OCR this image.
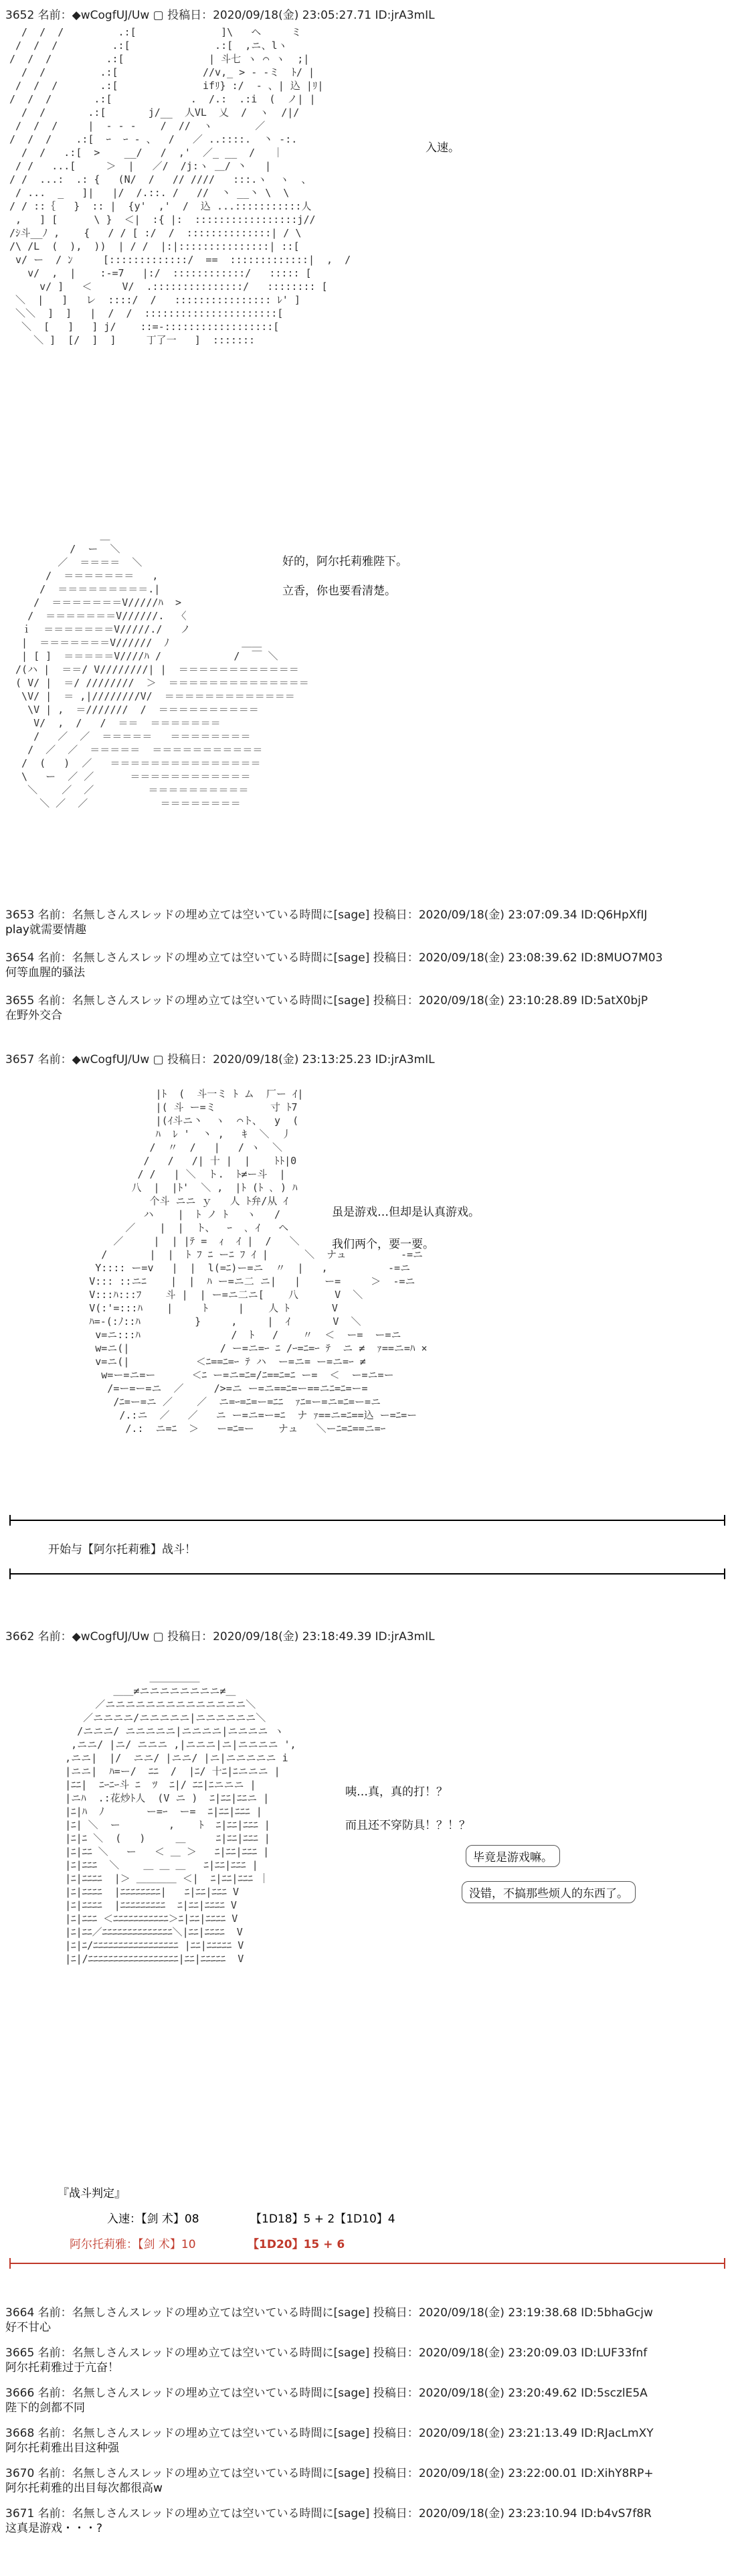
3652 名前：◆wCogfUJ/Uw ▢ 投稿日：2020/09/18(金) 23:05:27.71 ID:jrA3mIL
/  /  /         .:[              ]\   ヘ     ミ
/  /  /         .:[              .:[  ,ニ、lヽ
/  /  /         .:[              | 斗七 ヽ ⌒ ヽ  ;|
/  /         .:[              //v,_ > - -ミ  ﾄ/ |
/  /  /       .:[              ifﾘ} :/  - 、| 込 |ﾘ|
/  /  /       .:[             .  /.:  .:i  (  ノ| |
/  /       .:[       j/__  人VL  乂  /  ヽ  /|/
/  /  /     |  - - -    /  //  ヽ       ／
/  /  /    .:[  ｰ  ｰ - 、  /   ／ ..::::.  丶 -:.
/  /   .:[  >    __/   /  ,'  ／_ __  /   ｜
/ /   ...[     ＞  |   ／/  /j:ヽ ＿/ 丶   |
/ /  ...:  .: {   (N/  /   // ////   :::.ヽ  ヽ  、
/ ...  _   ]|   |/  /.::. /   //  丶 __丶 \  \
/ / ::｛   }  :: |  {y'  ,'  /  込 ...:::::::::::人
,   ] [      \ }  ＜|  :{ |:  :::::::::::::::::j//
/ｼ斗__ﾉ ,    {   / / [ :/  /  ::::::::::::::| / \
/\ /L  (  ),  ))  | / /  |:|:::::::::::::::| ::[
v/ ー  / ﾝ     [:::::::::::::/  ==  :::::::::::::|  ,  /
v/  ,  |    :-=7   |:/  ::::::::::::/   ::::: [
v/ ]   ＜     V/  .:::::::::::::::/   :::::::: [
＼  |   ]   レ  ::::/  /   :::::::::::::::: ﾚ' ]
＼＼  ]  ]   |  /  /  ::::::::::::::::::::::[
＼  [   ]   ] j/    ::=-::::::::::::::::::[
＼ ]  [/  ]  ]     丁了一   ]  :::::::

入速。
＿
/  ー  ＼
／  ＝＝＝＝  ＼
/  ＝＝＝＝＝＝＝   ,
/  ＝＝＝＝＝＝＝＝＝.|
/  ＝＝＝＝＝＝＝V/////ﾊ  >
/  ＝＝＝＝＝＝＝V//////.  〈
ｉ  ＝＝＝＝＝＝＝V/////./   ノ
|  ＝＝＝＝＝＝＝V//////  ﾉ            ＿＿
| [ ]  ＝＝＝＝＝V////ﾊ /            /  ￣ ＼
/(ハ |  ＝＝/ V////////| |  ＝＝＝＝＝＝＝＝＝＝＝＝
( V/ |  ＝/ ////////  ＞  ＝＝＝＝＝＝＝＝＝＝＝＝＝＝
\V/ |  ＝ ,|////////V/  ＝＝＝＝＝＝＝＝＝＝＝＝＝
\V | ,  ＝///////  /  ＝＝＝＝＝＝＝＝＝＝
V/  ,  /   /  ＝＝  ＝＝＝＝＝＝＝
/   ／  ／  ＝＝＝＝＝   ＝＝＝＝＝＝＝＝
/  ／  ／  ＝＝＝＝＝  ＝＝＝＝＝＝＝＝＝＝＝
/  (   )  ／   ＝＝＝＝＝＝＝＝＝＝＝＝＝＝＝
\   ー  ／ ／      ＝＝＝＝＝＝＝＝＝＝＝＝
＼    ／  ／         ＝＝＝＝＝＝＝＝＝＝
＼ ／  ／            ＝＝＝＝＝＝＝＝

好的，阿尔托莉雅陛下。
立香，你也要看清楚。
3653 名前：名無しさんスレッドの埋め立ては空いている時間に[sage] 投稿日：2020/09/18(金) 23:07:09.34 ID:Q6HpXfIJ
play就需要情趣
3654 名前：名無しさんスレッドの埋め立ては空いている時間に[sage] 投稿日：2020/09/18(金) 23:08:39.62 ID:8MUO7M03
何等血腥的骚法
3655 名前：名無しさんスレッドの埋め立ては空いている時間に[sage] 投稿日：2020/09/18(金) 23:10:28.89 ID:5atX0bjP
在野外交合
3657 名前：◆wCogfUJ/Uw ▢ 投稿日：2020/09/18(金) 23:13:25.23 ID:jrA3mIL
|ﾄ  (  斗一ミ ﾄ ム  厂ー ｲ|
|( 斗 ー=ミ         寸 ﾄ7
|(ｲ斗ニ丶  ヽ  ⌒ト、  y  (
ﾊ  ﾚ '  丶 ,   ｷ  ＼  丿
/  〃  /   |   / ヽ  ＼
/   /   /| 十 |  |    ﾄﾄ|0
/ /   | ＼  ト.  ﾄ≠ー斗  |
八  |  |ﾄ'  ＼ ,  |ﾄ (ﾄ ､ ) ﾊ
个斗 ニニ ｙ   人 ﾄ弁/从 ｲ
ハ    |  ﾄ ノ ﾄ   ヽ   /
／    |  |  ト、  ｰ  ､ ｲ   ヘ
／     |  | |ﾃ =  ｨ  ｲ |  /   ＼
/       |  |  ﾄ ﾌ ﾆ ーﾆ ﾌ ｲ |      ＼  ナュ         -=ニ
Y:::: ー=v   |  |  l(=ﾆ)ー=ニ  〃  |   ,          -=ニ
V::: ::ニﾆ    |  |  ﾊ ー=ニ二 ニ|   |    ー=     ＞  -=ニ
V:::ﾊ:::ﾌ    斗 |  | ー=ニ二ニ[    八      V  ＼
V(:'=:::ﾊ    |     ﾄ     |    人 ﾄ       V
ﾊ=-(:ﾉ::ﾊ         }     ,     |  ｲ       V  ＼
v=ニ:::ﾊ               /  ﾄ   /    〃  ＜  ー=  ー=ニ
w=ニ(|               / ー=ニ=ｰ ﾆ /ｰ=ﾆ=ｰ ﾃ  ニ ≠  ｧ==ニ=ﾊ ×
v=ニ(|           ＜ﾆ==ﾆ=ｰ ﾃ ハ  ー=ニ= ー=ニ=ｰ ≠
w=ー=ニ=ー      ＜ﾆ ー=ニ=ﾆ=/ﾆ==ﾆ=ﾆ ー=  ＜  ー=ニ=ー
/=ー=ー=ニ  ／     />=ニ ー=ニ==ﾆ=ー==ニﾆ=ﾆ=ー=
/ﾆ=ー=ニ ／    ／  ニ=ｰ=ﾆ=ー=ﾆﾆ  ｧﾆ=ー=ニ=ﾆ=ー=ニ
/.:ニ  ／   ／   ニ ー=ニ=ー=ﾆ  ナ ｧ==ニ=ﾆ==込 ー=ﾆ=ー
/.:  ニ=ﾆ  ＞   ー=ﾆ=ー    ナュ   ＼ーﾆ=ﾆ==ニ=ｰ

虽是游戏…但却是认真游戏。
我们两个，要一要。
开始与【阿尔托莉雅】战斗！
3662 名前：◆wCogfUJ/Uw ▢ 投稿日：2020/09/18(金) 23:18:49.39 ID:jrA3mIL
＿＿＿＿＿
＿＿≠ニニニニニニニニ≠＿
／ニニニニニニニニニニニニニニ＼
／ニニニニ/ニニニニニ|ニニニニニニ＼
/ニニニ/ ニニニニニ|ニニニニ|ニニニニ ヽ
,ニニ/ |ニ/ ニニニ ,|ニニニ|ニ|ニニニニ ',
,ニニ|  |/  ニニ/ |ニニ/ |ニ|ニニニニニ i
|ニニ|  ﾊ=ー/  ﾆﾆ  /  |ﾆ/ 十ﾆ|ﾆニニニ |
|ﾆﾆ|  ﾆｰﾆｰ斗 ﾆ  ﾂ  ﾆ|/ ﾆﾆ|ﾆニニニ |
|ニﾊ  .:花炒ﾄ人  (V ニ )  ﾆ|ﾆﾆ|ﾆﾆニ |
|ﾆ|ﾊ  ﾉ       ー=ｰ  ー=  ﾆ|ﾆﾆ|ﾆﾆﾆ |
|ﾆ| ＼  ー        ,    ﾄ  ﾆ|ﾆﾆ|ﾆﾆﾆ |
|ﾆ|ﾆ ＼  (   )     ＿     ﾆ|ﾆﾆ|ﾆﾆﾆ |
|ﾆ|ﾆﾆ ＼   ー   ＜ ＿ ＞   ﾆ|ﾆﾆ|ﾆﾆﾆ |
|ﾆ|ﾆﾆﾆ  ＼    ＿ ＿ ＿   ﾆ|ﾆﾆ|ﾆﾆﾆ |
|ﾆ|ﾆﾆﾆﾆ  |＞ ＿＿＿＿ ＜|  ﾆ|ﾆﾆ|ﾆﾆﾆ ｜
|ﾆ|ﾆﾆﾆﾆ  |ﾆﾆﾆﾆﾆﾆﾆﾆ|   ﾆ|ﾆﾆ|ﾆﾆﾆ V
|ﾆ|ﾆﾆﾆﾆ  |ﾆﾆﾆﾆﾆﾆﾆﾆﾆ  ﾆ|ﾆﾆ|ﾆﾆﾆﾆ V
|ﾆ|ﾆﾆﾆ ＜ﾆﾆﾆﾆﾆﾆﾆﾆﾆﾆﾆ＞ﾆ|ﾆﾆ|ﾆﾆﾆﾆ V
|ﾆ|ﾆﾆ／ﾆﾆﾆﾆﾆﾆﾆﾆﾆﾆﾆﾆﾆﾆ＼|ﾆﾆ|ﾆﾆﾆﾆ  V
|ﾆ|ﾆ/ﾆﾆﾆﾆﾆﾆﾆﾆﾆﾆﾆﾆﾆﾆﾆﾆﾆ |ﾆﾆ|ﾆﾆﾆﾆﾆ V
|ﾆ|/ﾆﾆﾆﾆﾆﾆﾆﾆﾆﾆﾆﾆﾆﾆﾆﾆﾆﾆ|ﾆﾆ|ﾆﾆﾆﾆﾆ  V

咦…真，真的打！？
而且还不穿防具！？！？
毕竟是游戏嘛。
没错，不搞那些烦人的东西了。
『战斗判定』
入速：【剑 术】08	【1D18】5 + 2【1D10】4
阿尔托莉雅：【剑 术】10	【1D20】15 + 6
3664 名前：名無しさんスレッドの埋め立ては空いている時間に[sage] 投稿日：2020/09/18(金) 23:19:38.68 ID:5bhaGcjw
好不甘心
3665 名前：名無しさんスレッドの埋め立ては空いている時間に[sage] 投稿日：2020/09/18(金) 23:20:09.03 ID:LUF33fnf
阿尔托莉雅过于亢奋！
3666 名前：名無しさんスレッドの埋め立ては空いている時間に[sage] 投稿日：2020/09/18(金) 23:20:49.62 ID:5sczlE5A
陛下的剑都不同
3668 名前：名無しさんスレッドの埋め立ては空いている時間に[sage] 投稿日：2020/09/18(金) 23:21:13.49 ID:RJacLmXY
阿尔托莉雅出目这种强
3670 名前：名無しさんスレッドの埋め立ては空いている時間に[sage] 投稿日：2020/09/18(金) 23:22:00.01 ID:XihY8RP+
阿尔托莉雅的出目每次都很高w
3671 名前：名無しさんスレッドの埋め立ては空いている時間に[sage] 投稿日：2020/09/18(金) 23:23:10.94 ID:b4vS7f8R
这真是游戏・・・?
